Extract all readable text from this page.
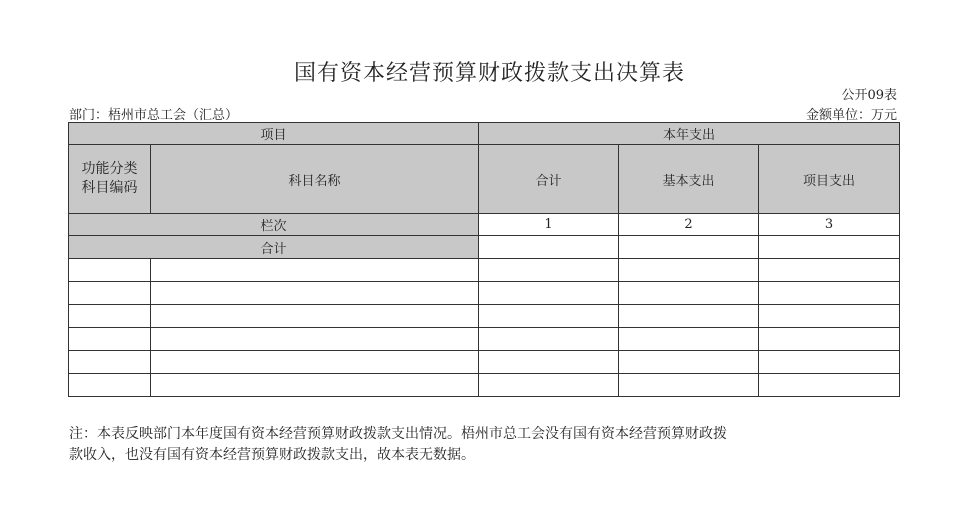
国有资本经营预算财政拨款支出决算表
公开09表
部门：梧州市总工会（汇总）	金额单位：万元
项目		本年支出		
功能分类
科目编码	科目名称	合计	基本支出	项目支出
栏次		1	2	3
合计				

注：本表反映部门本年度国有资本经营预算财政拨款支出情况。梧州市总工会没有国有资本经营预算财政拨
款收入，也没有国有资本经营预算财政拨款支出，故本表无数据。
